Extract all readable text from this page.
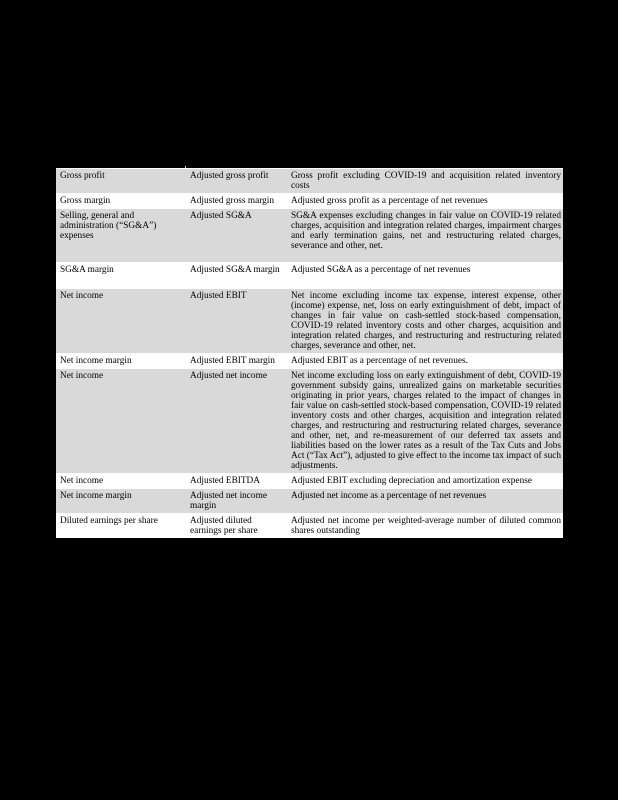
Gross profit	Adjusted gross profit	Gross profit excluding COVID-19 and acquisition related inventory costs
Gross margin	Adjusted gross margin	Adjusted gross profit as a percentage of net revenues
Selling, general and administration (“SG&A”) expenses	Adjusted SG&A	SG&A expenses excluding changes in fair value on COVID-19 related charges, acquisition and integration related charges, impairment charges and early termination gains, net and restructuring related charges, severance and other, net.
SG&A margin	Adjusted SG&A margin	Adjusted SG&A as a percentage of net revenues
Net income	Adjusted EBIT	Net income excluding income tax expense, interest expense, other (income) expense, net, loss on early extinguishment of debt, impact of changes in fair value on cash-settled stock-based compensation, COVID-19 related inventory costs and other charges, acquisition and integration related charges, and restructuring and restructuring related charges, severance and other, net.
Net income margin	Adjusted EBIT margin	Adjusted EBIT as a percentage of net revenues.
Net income	Adjusted net income	Net income excluding loss on early extinguishment of debt, COVID-19 government subsidy gains, unrealized gains on marketable securities originating in prior years, charges related to the impact of changes in fair value on cash-settled stock-based compensation, COVID-19 related inventory costs and other charges, acquisition and integration related charges, and restructuring and restructuring related charges, severance and other, net, and re-measurement of our deferred tax assets and liabilities based on the lower rates as a result of the Tax Cuts and Jobs Act (“Tax Act”), adjusted to give effect to the income tax impact of such adjustments.
Net income	Adjusted EBITDA	Adjusted EBIT excluding depreciation and amortization expense
Net income margin	Adjusted net income margin	Adjusted net income as a percentage of net revenues
Diluted earnings per share	Adjusted diluted earnings per share	Adjusted net income per weighted-average number of diluted common shares outstanding
